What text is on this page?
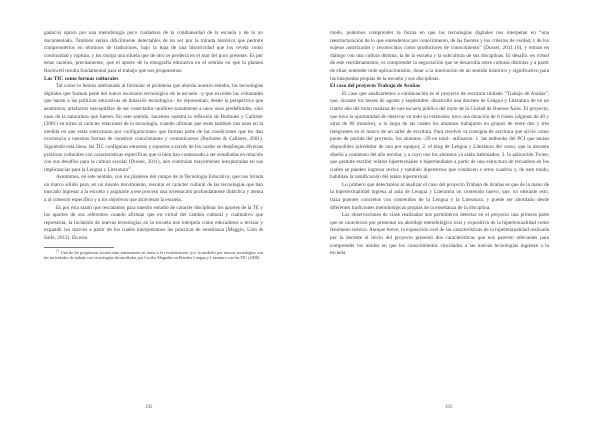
gador/a) opta/n por una metodología poco cuidadosa de la cotidianeidad de la escuela y de lo no documentado. También serían difícilmente detectables de no ser por la mirada histórica que permite comprenderlos en términos de tradiciones, bajo la lupa de una historicidad que los revela como continuidad y ruptura, y los otorga una silueta que de otro se perdería en el mar del puro presente. Es por estas razones, precisamente, que el aporte de la etnografía educativa en el sentido en que la plantea Rockwell resulta fundamental para el trabajo que nos proponemos.

Las TIC como formas culturales

Tal como lo hemos adelantado al formular el problema que aborda nuestro estudio, las tecnologías digitales que forman parte del nuevo escenario tecnológico de la escuela –y que exceden las voluntades que hacen a las políticas educativas de dotación tecnológica– no representan, desde la perspectiva que asumimos, artefactos susceptibles de ser conectados unidireccionalmente a unos usos predefinidos, sino unas de la naturaleza que fueren. En este sentido, hacemos nuestra la reflexión de Burbules y Callister (2001) en torno al carácter relacional de la tecnología, cuando afirman que estas también nos usan en la medida en que estas estructuran por configuraciones que forman parte de las condiciones que les dan ocurrencia a nuestras formas de construir conocimiento y comunicarnos (Burbules & Callister, 2001). Siguiendo esta línea, las TIC configuran entornos y soportes a través de los cuales se despliegan diversas prácticas culturales con características específicas que si bien han comenzado a ser estudiadas en relación con sus desafíos para la cultura escolar (Dussel, 2011), aún continúan mayormente inexploradas en sus implicancias para la Lengua y Literatura$^{21}$.

Asumimos, en este sentido, con los planteos del campo de la Tecnología Educativa, que nos brinda un marco sólido para, en un mismo movimiento, rescatar el carácter cultural de las tecnologías que han buscado ingresar a la escuela y asignarle a ese proceso una orientación profundamente didáctica y atenta a al contexto específico y a los objetivos que atraviesan la escuela.

Es por esta razón que rescatamos para nuestro estudio de caracter disciplinar los aportes de la TE y los aportes de sus referentes cuando afirman que en virtud del cambio cultural y cualitativo que representa, la inclusión de nuevas tecnologías en la escuela nos interpela como educadores a revisar y expandir los marcos a partir de los cuales interpretamos las prácticas de enseñanza (Maggio, Lion & Sarlé, 2012). En esta

$^{21}$ Una de las propuestas locales más interesantes en torno a la revalorización (y/o la medida) por nuevas tecnologías son las actividades de trabajo con tecnologías desarrolladas por Cecilia Magadán en Enseñar Lengua y Literatura con las TIC (2008).

192

modo, podemos comprender la forma en que las tecnologías digitales nos interpelan en “una reestructuración de lo que entendemos por conocimiento, de las fuentes y los criterios de verdad, y de los sujetos autorizados y reconocidos como productores de conocimiento” (Dussel, 2011:16), y entran en diálogo con una cultura distinta, la de la escuela y la subcultura de sus disciplinas. El desafío, en virtud de este reordenamiento, es comprender la negociación que se desarrolla entre culturas distintas y a partir de ellas; entender todo aplicacionismo, dotar a la innovación de un sentido histórico y significativo para las búsquedas propias de la escuela y sus disciplinas.

El caso del proyecto Trabajo de Arañas

El caso que analizaremos a continuación es el proyecto de escritura titulado “Trabajo de Arañas”, que, durante los meses de agosto y septiembre, desarrolló una docente de Lengua y Literatura de en un cuarto año del turno mañana de una escuela pública del norte de la Ciudad de Buenos Aires. El proyecto, que tuvo la oportunidad de observar en todo su extensión, tuvo una duración de 6 clases (algunas de 40 y otras de 80 minutos), a lo largo de las cuales los alumnos trabajaron en grupos de entre dos y tres integrantes en el marco de un taller de escritura. Para resolver la consigna de escritura que sirvió como punto de partida del proyecto, los alumnos –29 en total– utilizaron: 1. las netbooks del PCI que tenían disponibles (alrededor de una por equipo); 2. el blog de Lengua y Literatura del curso, que la docente diseñó a comienzo del año escolar, y a cuyo uso los alumnos ya están habituados; 3. la aplicación Twine, que permite escribir relatos hipertextuales e hipermediales a partir de una estructura de recuadros en los cuales se pueden ingresar textos y también hipertextos que conducen a otros cuadros y, de este modo, habilitan la ramificación del relato hipertextual.

Lo primero que detectamos al analizar el caso del proyecto Trabajo de Arañas es que de la mano de la hipertextualidad ingresa al aula de Lengua y Literatura un contenido nuevo, que, no obstante esto, traza puentes concretos con contenidos de la Lengua y la Literatura, y puede ser abordado desde diferentes tradiciones metodológicas propias de la enseñanza de la disciplina.

Las observaciones de clase realizadas nos permitieron detectar en el proyecto una primera parte que se caracterizó por presentar un abordaje metodológico oral y expositivo de la hipertextualidad como fenómeno teórico. Aunque breve, la exposición oral de las características de la hipertextualidad realizada por la docente al inicio del proyecto presentó dos características que nos parecen relevantes para comprender los modos en que los conocimientos vinculados a las nuevas tecnologías ingresan a la escuela

193
